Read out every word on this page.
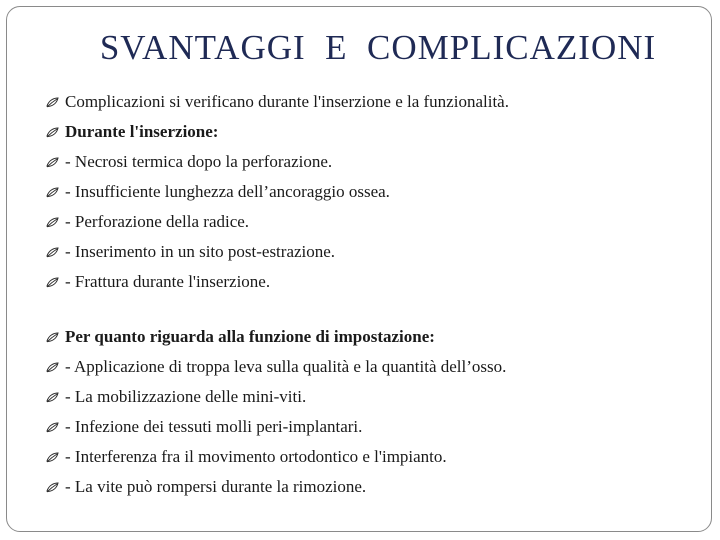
SVANTAGGI  E  COMPLICAZIONI
Complicazioni si verificano durante l'inserzione e la funzionalità.
Durante l'inserzione:
- Necrosi termica dopo la perforazione.
- Insufficiente lunghezza dell’ancoraggio ossea.
- Perforazione della radice.
- Inserimento in un sito post-estrazione.
- Frattura durante l'inserzione.
Per quanto riguarda alla funzione di impostazione:
- Applicazione di troppa leva sulla qualità e la quantità dell’osso.
- La mobilizzazione delle mini-viti.
- Infezione dei tessuti molli peri-implantari.
- Interferenza fra il movimento ortodontico e l'impianto.
- La vite può rompersi durante la rimozione.
